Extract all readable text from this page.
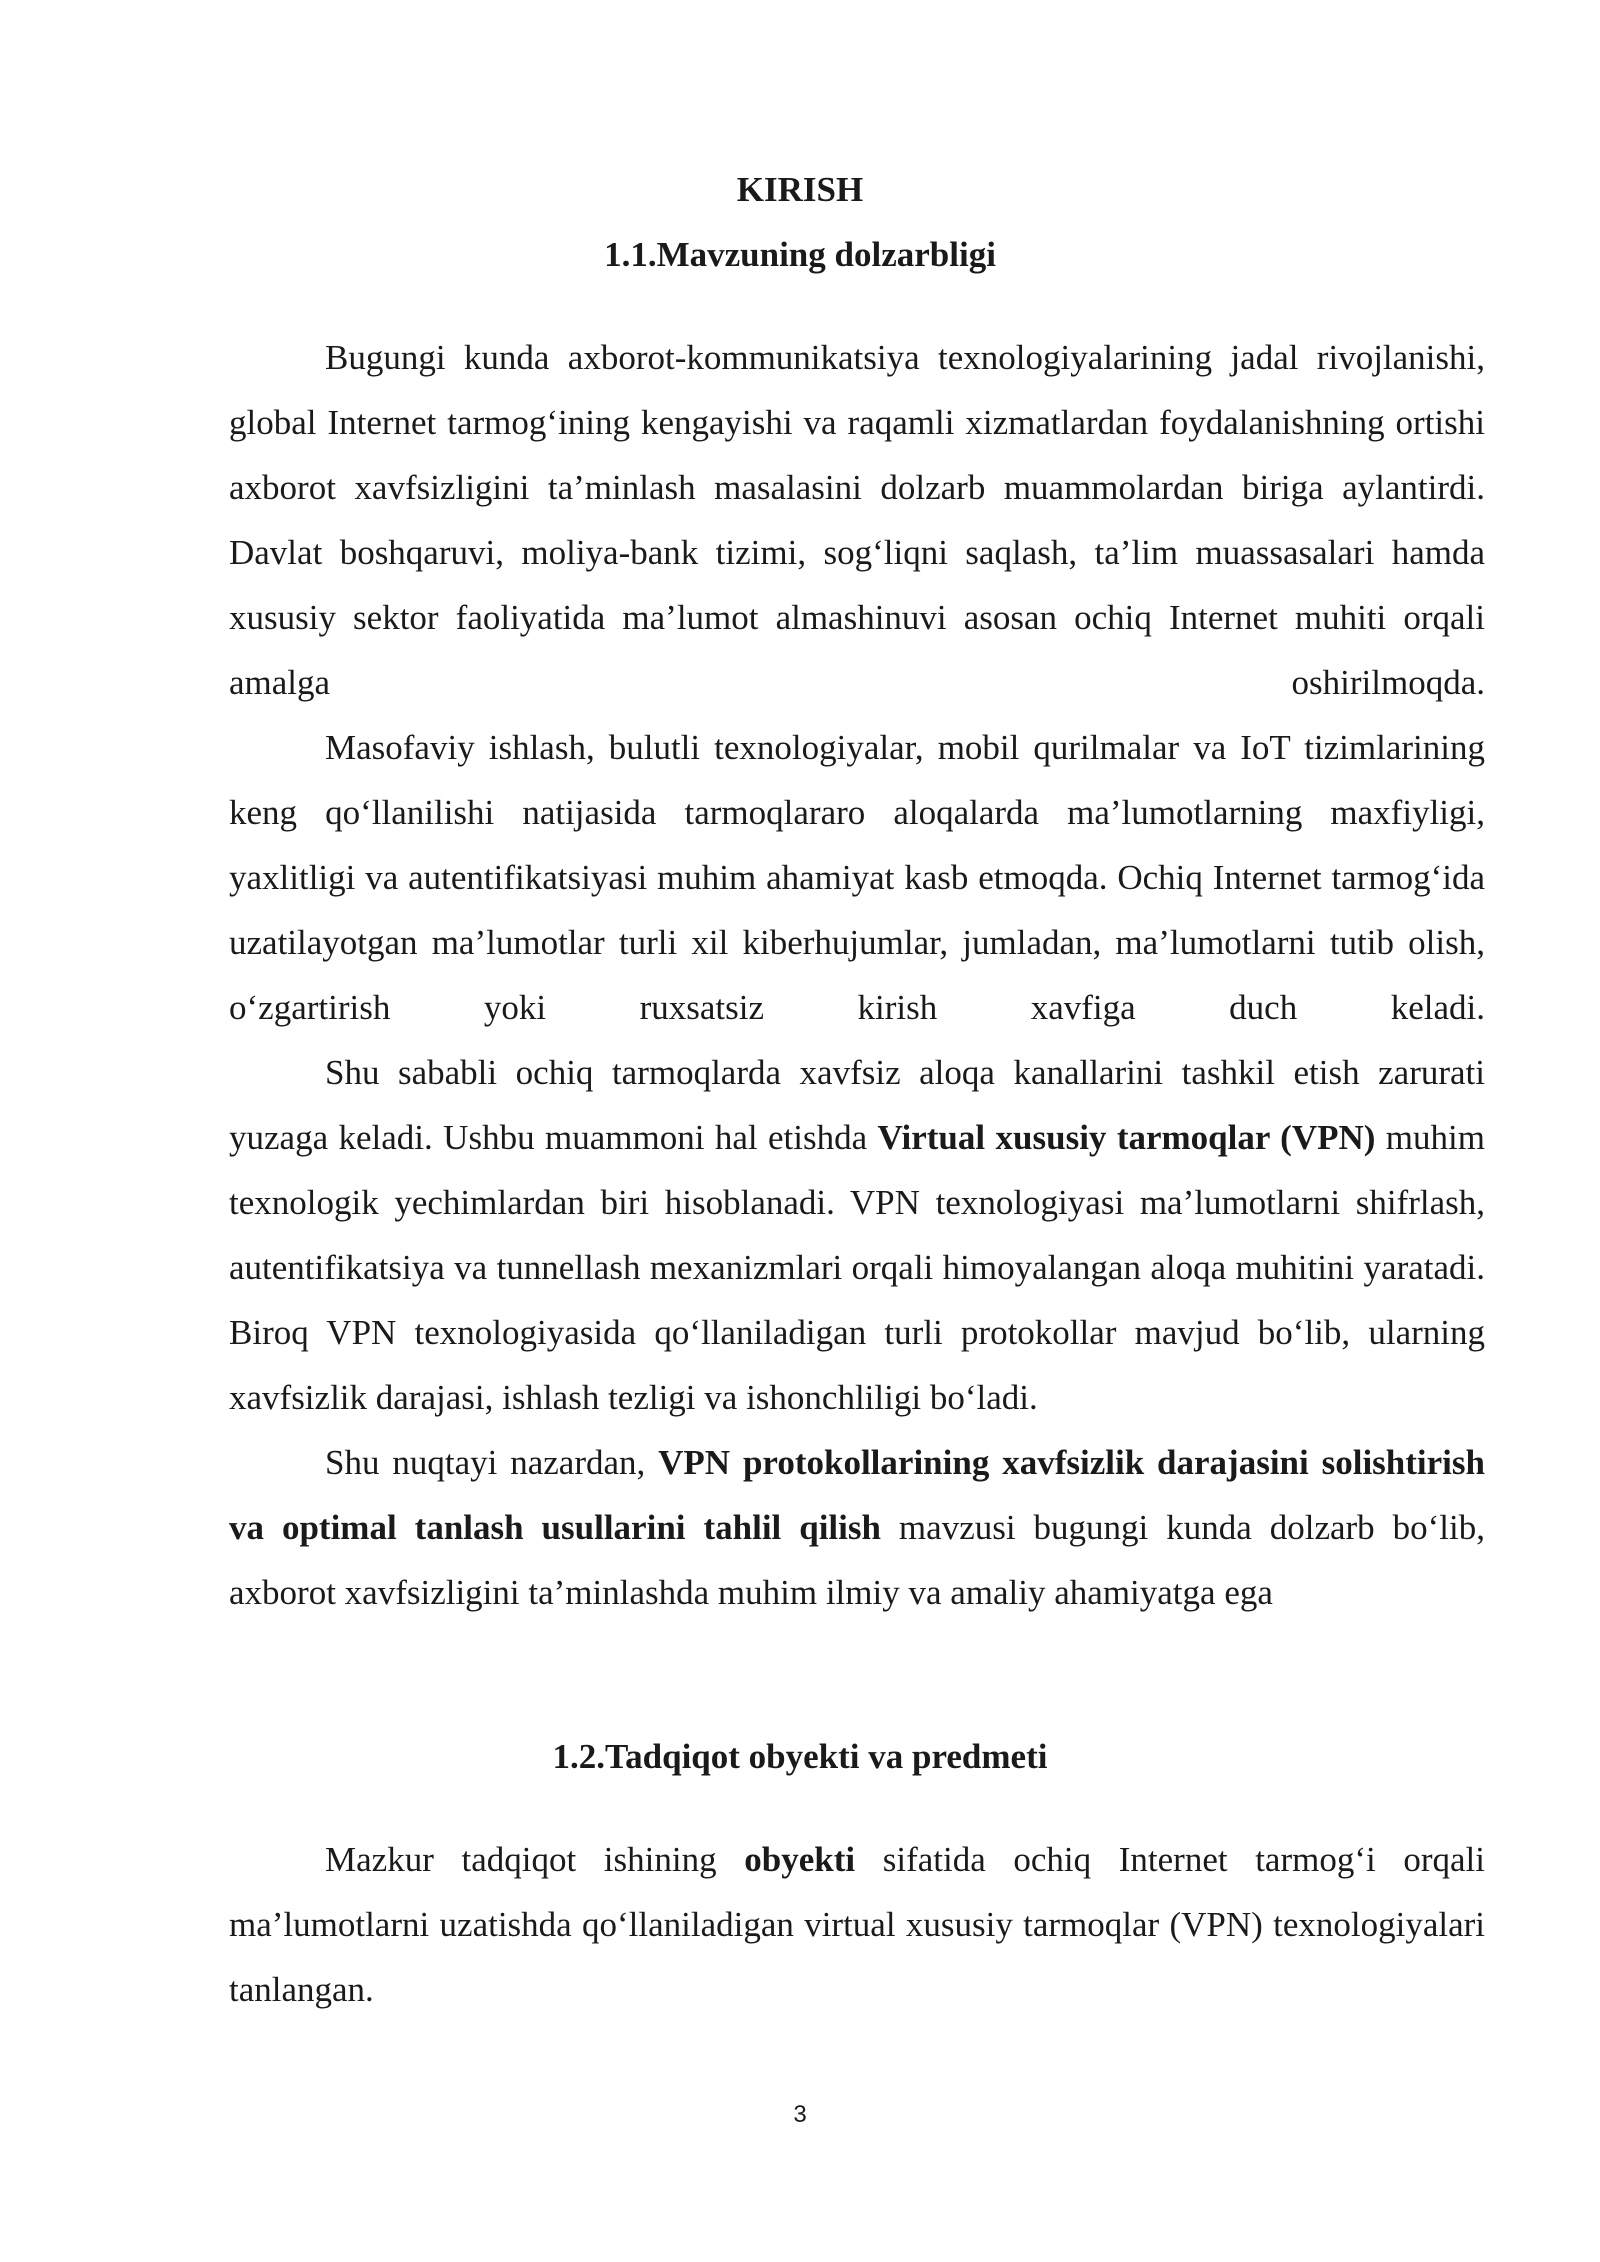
KIRISH
1.1.Mavzuning dolzarbligi

Bugungi kunda axborot-kommunikatsiya texnologiyalarining jadal rivojlanishi, global Internet tarmog‘ining kengayishi va raqamli xizmatlardan foydalanishning ortishi axborot xavfsizligini ta’minlash masalasini dolzarb muammolardan biriga aylantirdi. Davlat boshqaruvi, moliya-bank tizimi, sog‘liqni saqlash, ta’lim muassasalari hamda xususiy sektor faoliyatida ma’lumot almashinuvi asosan ochiq Internet muhiti orqali amalga oshirilmoqda.

Masofaviy ishlash, bulutli texnologiyalar, mobil qurilmalar va IoT tizimlarining keng qo‘llanilishi natijasida tarmoqlararo aloqalarda ma’lumotlarning maxfiyligi, yaxlitligi va autentifikatsiyasi muhim ahamiyat kasb etmoqda. Ochiq Internet tarmog‘ida uzatilayotgan ma’lumotlar turli xil kiberhujumlar, jumladan, ma’lumotlarni tutib olish, o‘zgartirish yoki ruxsatsiz kirish xavfiga duch keladi.

Shu sababli ochiq tarmoqlarda xavfsiz aloqa kanallarini tashkil etish zarurati yuzaga keladi. Ushbu muammoni hal etishda Virtual xususiy tarmoqlar (VPN) muhim texnologik yechimlardan biri hisoblanadi. VPN texnologiyasi ma’lumotlarni shifrlash, autentifikatsiya va tunnellash mexanizmlari orqali himoyalangan aloqa muhitini yaratadi. Biroq VPN texnologiyasida qo‘llaniladigan turli protokollar mavjud bo‘lib, ularning xavfsizlik darajasi, ishlash tezligi va ishonchliligi bo‘ladi.

Shu nuqtayi nazardan, VPN protokollarining xavfsizlik darajasini solishtirish va optimal tanlash usullarini tahlil qilish mavzusi bugungi kunda dolzarb bo‘lib, axborot xavfsizligini ta’minlashda muhim ilmiy va amaliy ahamiyatga ega

1.2.Tadqiqot obyekti va predmeti

Mazkur tadqiqot ishining obyekti sifatida ochiq Internet tarmog‘i orqali ma’lumotlarni uzatishda qo‘llaniladigan virtual xususiy tarmoqlar (VPN) texnologiyalari tanlangan.

3
